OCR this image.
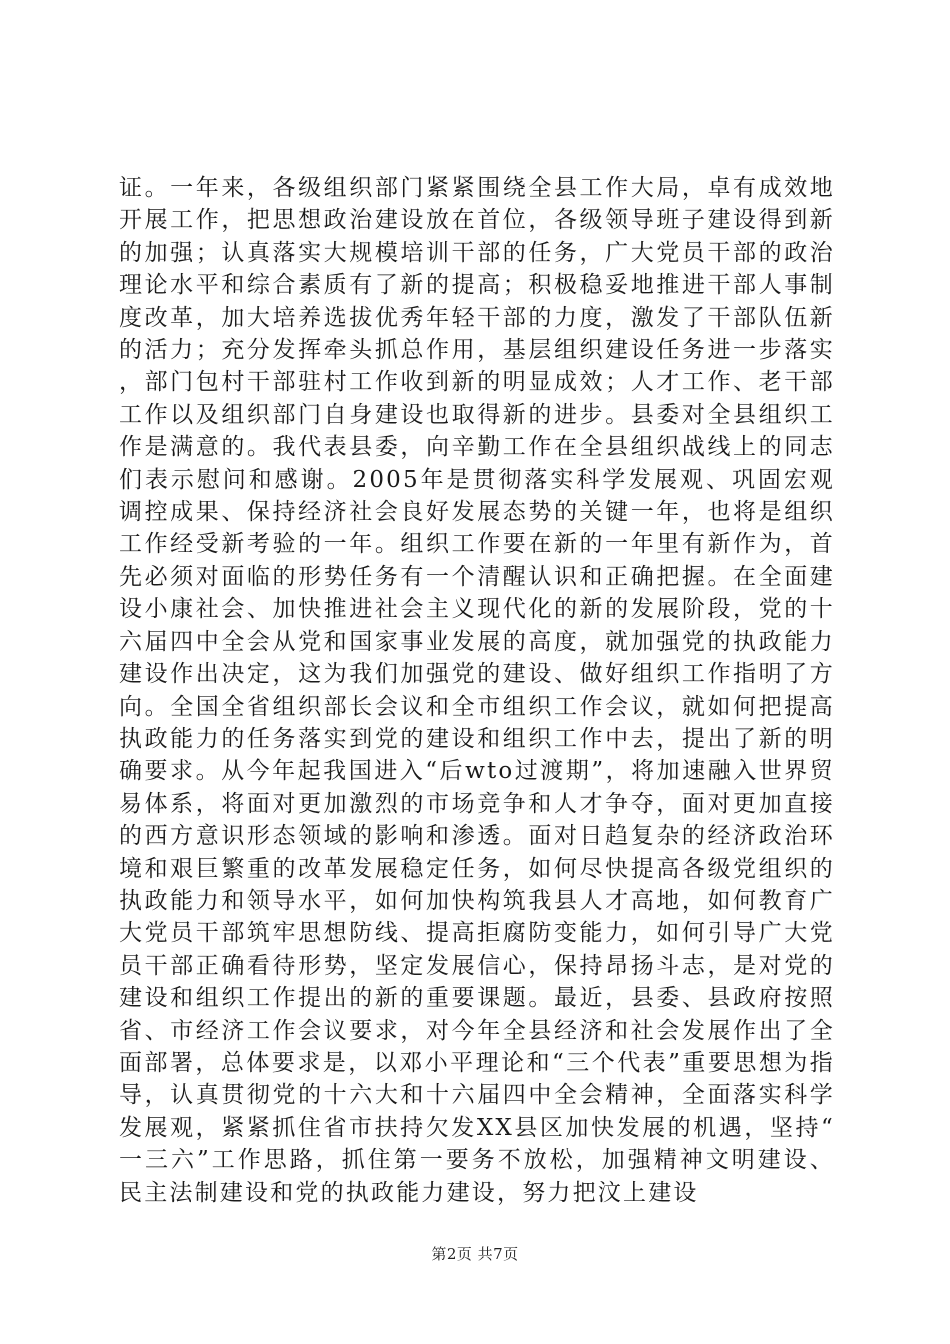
证。一年来，各级组织部门紧紧围绕全县工作大局，卓有成效地开展工作，把思想政治建设放在首位，各级领导班子建设得到新的加强；认真落实大规模培训干部的任务，广大党员干部的政治理论水平和综合素质有了新的提高；积极稳妥地推进干部人事制度改革，加大培养选拔优秀年轻干部的力度，激发了干部队伍新的活力；充分发挥牵头抓总作用，基层组织建设任务进一步落实，部门包村干部驻村工作收到新的明显成效；人才工作、老干部工作以及组织部门自身建设也取得新的进步。县委对全县组织工作是满意的。我代表县委，向辛勤工作在全县组织战线上的同志们表示慰问和感谢。2005年是贯彻落实科学发展观、巩固宏观调控成果、保持经济社会良好发展态势的关键一年，也将是组织工作经受新考验的一年。组织工作要在新的一年里有新作为，首先必须对面临的形势任务有一个清醒认识和正确把握。在全面建设小康社会、加快推进社会主义现代化的新的发展阶段，党的十六届四中全会从党和国家事业发展的高度，就加强党的执政能力建设作出决定，这为我们加强党的建设、做好组织工作指明了方向。全国全省组织部长会议和全市组织工作会议，就如何把提高执政能力的任务落实到党的建设和组织工作中去，提出了新的明确要求。从今年起我国进入“后wto过渡期”，将加速融入世界贸易体系，将面对更加激烈的市场竞争和人才争夺，面对更加直接的西方意识形态领域的影响和渗透。面对日趋复杂的经济政治环境和艰巨繁重的改革发展稳定任务，如何尽快提高各级党组织的执政能力和领导水平，如何加快构筑我县人才高地，如何教育广大党员干部筑牢思想防线、提高拒腐防变能力，如何引导广大党员干部正确看待形势，坚定发展信心，保持昂扬斗志，是对党的建设和组织工作提出的新的重要课题。最近，县委、县政府按照省、市经济工作会议要求，对今年全县经济和社会发展作出了全面部署，总体要求是，以邓小平理论和“三个代表”重要思想为指导，认真贯彻党的十六大和十六届四中全会精神，全面落实科学发展观，紧紧抓住省市扶持欠发XX县区加快发展的机遇，坚持“一三六”工作思路，抓住第一要务不放松，加强精神文明建设、民主法制建设和党的执政能力建设，努力把汶上建设

第2页 共7页
